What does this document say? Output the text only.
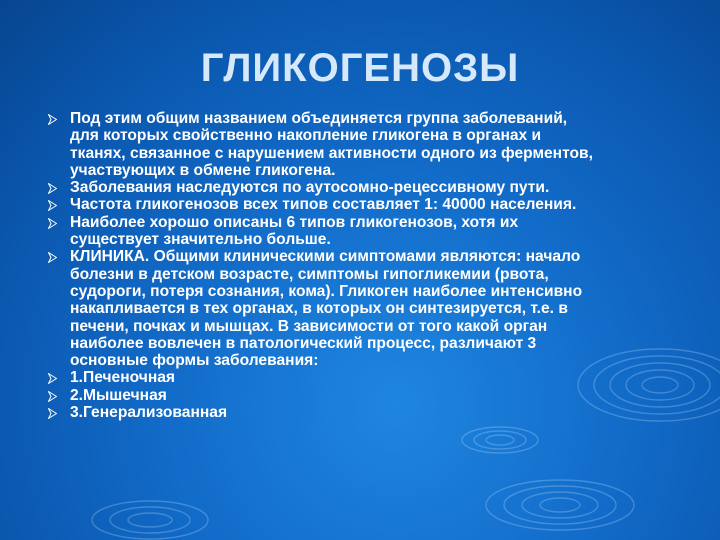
ГЛИКОГЕНОЗЫ
Под этим общим названием объединяется группа заболеваний,
для которых свойственно накопление гликогена в органах и
тканях, связанное с нарушением активности одного из ферментов,
участвующих в обмене гликогена.
Заболевания наследуются по аутосомно-рецессивному пути.
Частота гликогенозов всех типов составляет 1: 40000 населения.
Наиболее хорошо описаны 6 типов гликогенозов, хотя их
существует значительно больше.
КЛИНИКА. Общими клиническими симптомами являются: начало
болезни в детском возрасте, симптомы гипогликемии (рвота,
судороги, потеря сознания, кома). Гликоген наиболее интенсивно
накапливается в тех органах, в которых он синтезируется, т.е. в
печени, почках и мышцах. В зависимости от того какой орган
наиболее вовлечен в патологический процесс, различают 3
основные формы заболевания:
1.Печеночная
2.Мышечная
3.Генерализованная
